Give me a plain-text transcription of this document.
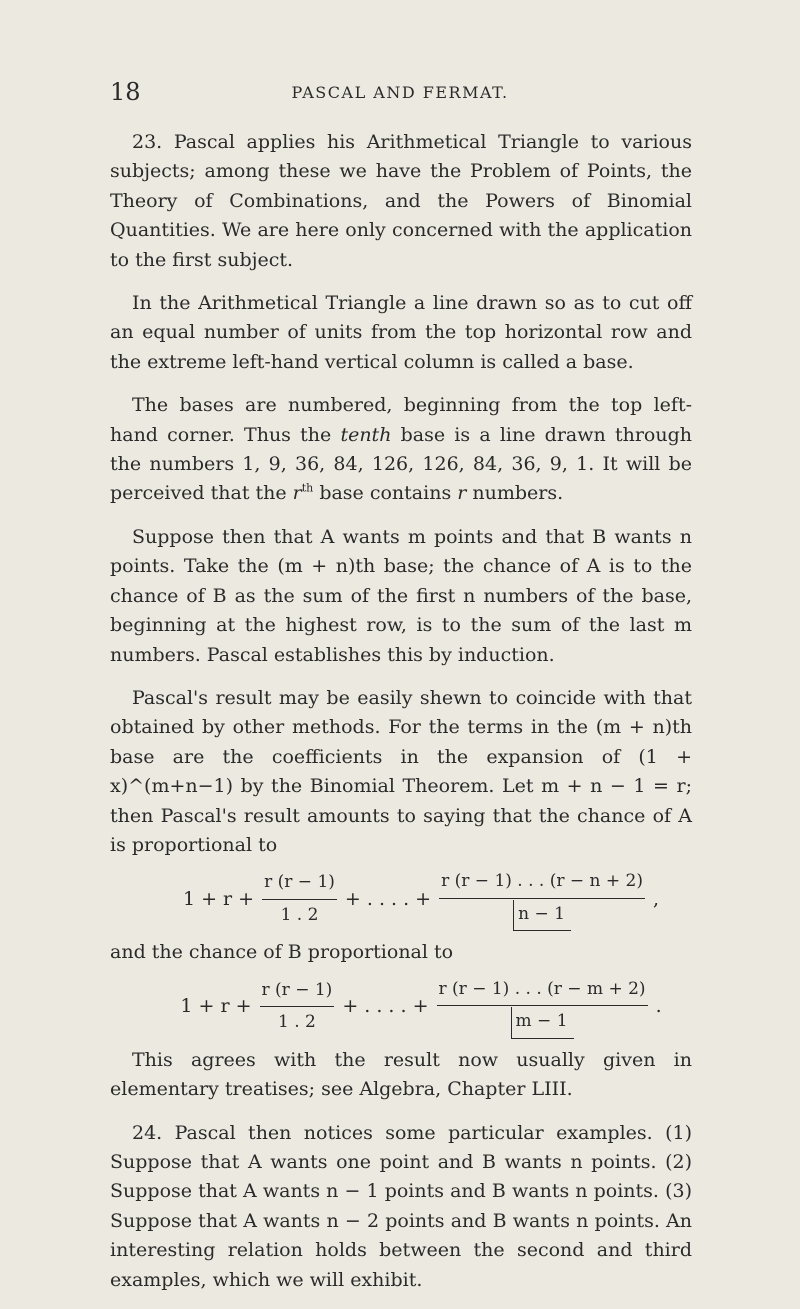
18	PASCAL AND FERMAT.

23. Pascal applies his Arithmetical Triangle to various subjects; among these we have the Problem of Points, the Theory of Combinations, and the Powers of Binomial Quantities. We are here only concerned with the application to the first subject.

In the Arithmetical Triangle a line drawn so as to cut off an equal number of units from the top horizontal row and the extreme left-hand vertical column is called a base.

The bases are numbered, beginning from the top left-hand corner. Thus the tenth base is a line drawn through the numbers 1, 9, 36, 84, 126, 126, 84, 36, 9, 1. It will be perceived that the $r^{th}$ base contains r numbers.

Suppose then that A wants m points and that B wants n points. Take the (m + n)th base; the chance of A is to the chance of B as the sum of the first n numbers of the base, beginning at the highest row, is to the sum of the last m numbers. Pascal establishes this by induction.

Pascal's result may be easily shewn to coincide with that obtained by other methods. For the terms in the (m + n)th base are the coefficients in the expansion of (1 + x)^(m+n−1) by the Binomial Theorem. Let m + n − 1 = r; then Pascal's result amounts to saying that the chance of A is proportional to

$1 + r + \frac{r (r - 1)}{1 . 2}$ + . . . . + $\frac{r (r - 1) . . . (r - n + 2)}{n - 1}$ ,

and the chance of B proportional to

$1 + r + \frac{r (r - 1)}{1 . 2}$ + . . . . + $\frac{r (r - 1) . . . (r - m + 2)}{m - 1}$ .

This agrees with the result now usually given in elementary treatises; see Algebra, Chapter LIII.

24. Pascal then notices some particular examples. (1) Suppose that A wants one point and B wants n points. (2) Suppose that A wants n − 1 points and B wants n points. (3) Suppose that A wants n − 2 points and B wants n points. An interesting relation holds between the second and third examples, which we will exhibit.
